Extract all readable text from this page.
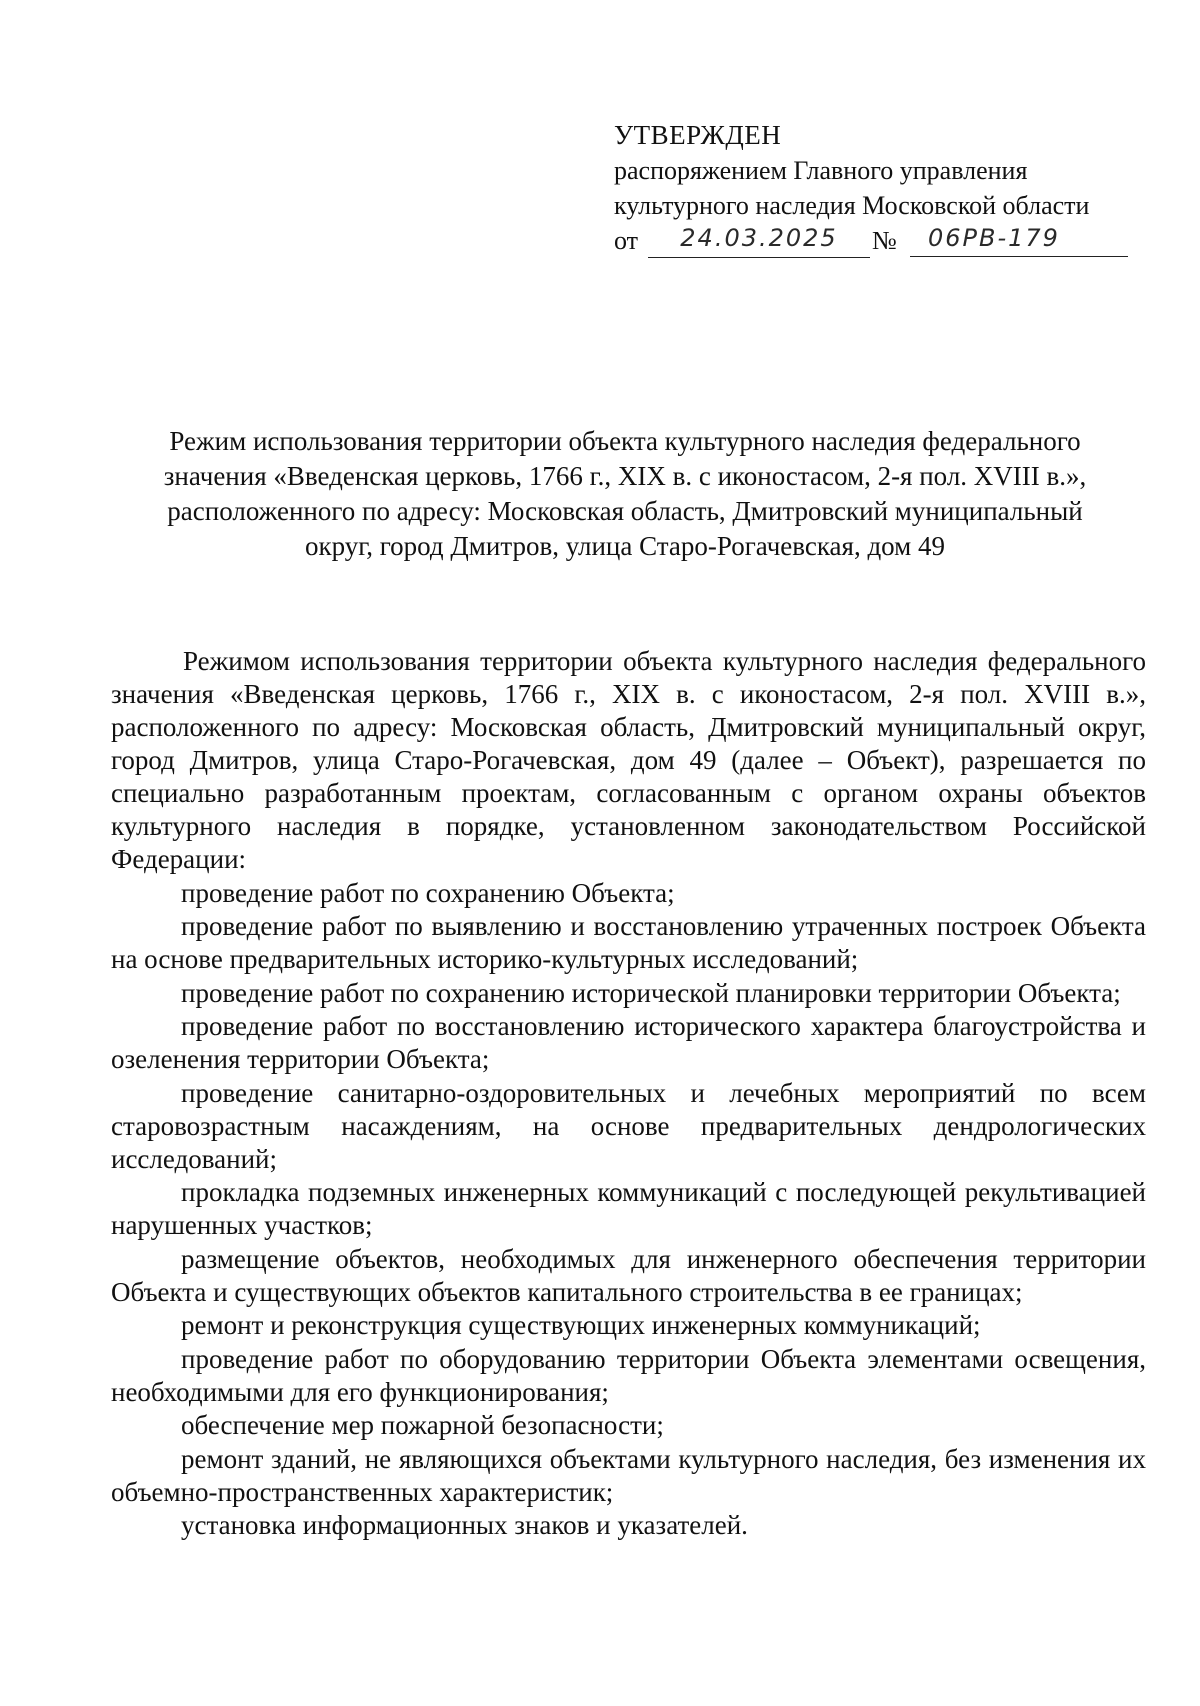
УТВЕРЖДЕН
распоряжением Главного управления
культурного наследия Московской области
от	24.03.2025	№	06РВ-179
Режим использования территории объекта культурного наследия федерального
значения «Введенская церковь, 1766 г., XIX в. с иконостасом, 2-я пол. XVIII в.»,
расположенного по адресу: Московская область, Дмитровский муниципальный
округ, город Дмитров, улица Старо-Рогачевская, дом 49

Режимом использования территории объекта культурного наследия федерального значения «Введенская церковь, 1766 г., XIX в. с иконостасом, 2-я пол. XVIII в.», расположенного по адресу: Московская область, Дмитровский муниципальный округ, город Дмитров, улица Старо-Рогачевская, дом 49 (далее – Объект), разрешается по специально разработанным проектам, согласованным с органом охраны объектов культурного наследия в порядке, установленном законодательством Российской Федерации:

проведение работ по сохранению Объекта;

проведение работ по выявлению и восстановлению утраченных построек Объекта на основе предварительных историко-культурных исследований;

проведение работ по сохранению исторической планировки территории Объекта;

проведение работ по восстановлению исторического характера благоустройства и озеленения территории Объекта;

проведение санитарно-оздоровительных и лечебных мероприятий по всем старовозрастным насаждениям, на основе предварительных дендрологических исследований;

прокладка подземных инженерных коммуникаций с последующей рекультивацией нарушенных участков;

размещение объектов, необходимых для инженерного обеспечения территории Объекта и существующих объектов капитального строительства в ее границах;

ремонт и реконструкция существующих инженерных коммуникаций;

проведение работ по оборудованию территории Объекта элементами освещения, необходимыми для его функционирования;

обеспечение мер пожарной безопасности;

ремонт зданий, не являющихся объектами культурного наследия, без изменения их объемно-пространственных характеристик;

установка информационных знаков и указателей.
